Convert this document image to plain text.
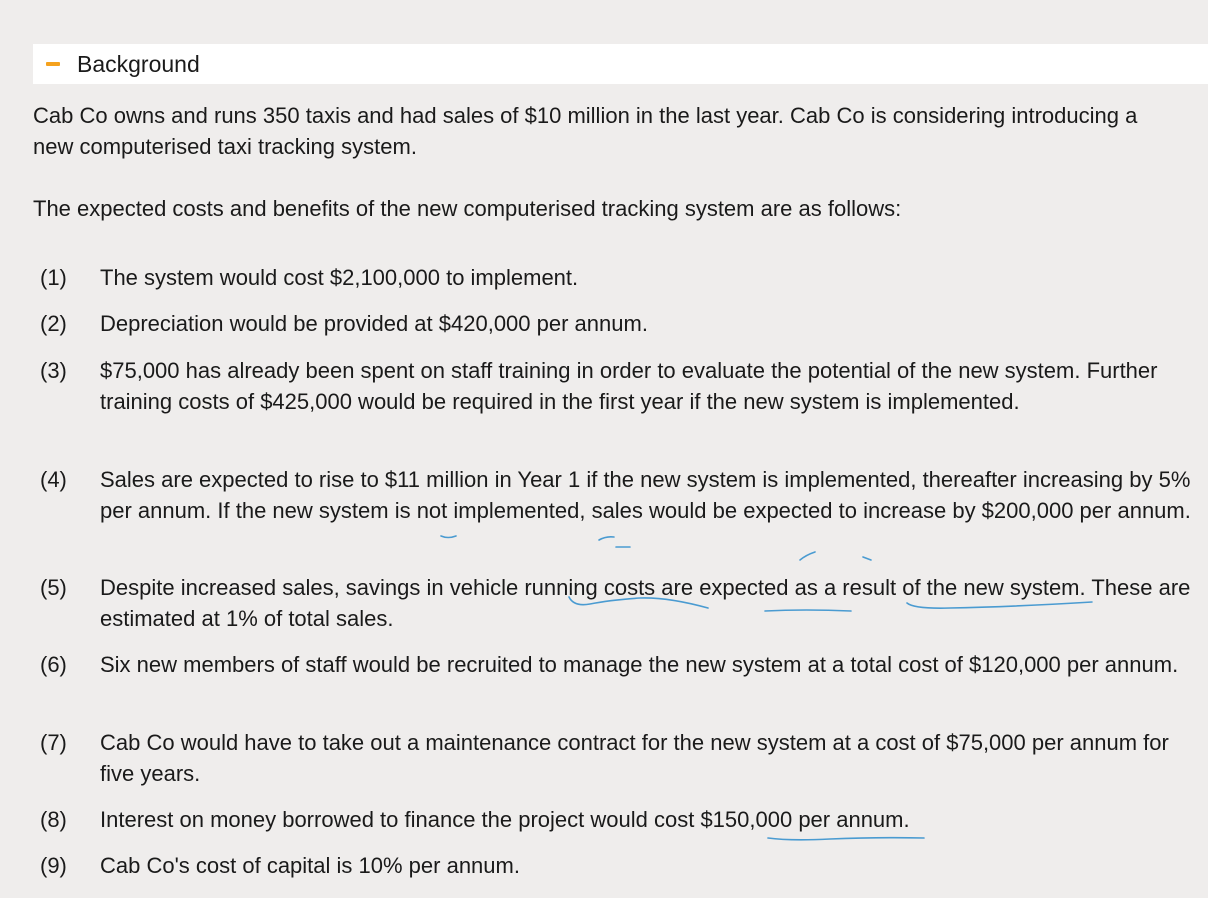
Background

Cab Co owns and runs 350 taxis and had sales of $10 million in the last year. Cab Co is considering introducing a new computerised taxi tracking system.

The expected costs and benefits of the new computerised tracking system are as follows:

(1)	The system would cost $2,100,000 to implement.
(2)	Depreciation would be provided at $420,000 per annum.
(3)	$75,000 has already been spent on staff training in order to evaluate the potential of the new system. Further training costs of $425,000 would be required in the first year if the new system is implemented.
(4)	Sales are expected to rise to $11 million in Year 1 if the new system is implemented, thereafter increasing by 5% per annum. If the new system is not implemented, sales would be expected to increase by $200,000 per annum.
(5)	Despite increased sales, savings in vehicle running costs are expected as a result of the new system. These are estimated at 1% of total sales.
(6)	Six new members of staff would be recruited to manage the new system at a total cost of $120,000 per annum.
(7)	Cab Co would have to take out a maintenance contract for the new system at a cost of $75,000 per annum for five years.
(8)	Interest on money borrowed to finance the project would cost $150,000 per annum.
(9)	Cab Co's cost of capital is 10% per annum.
